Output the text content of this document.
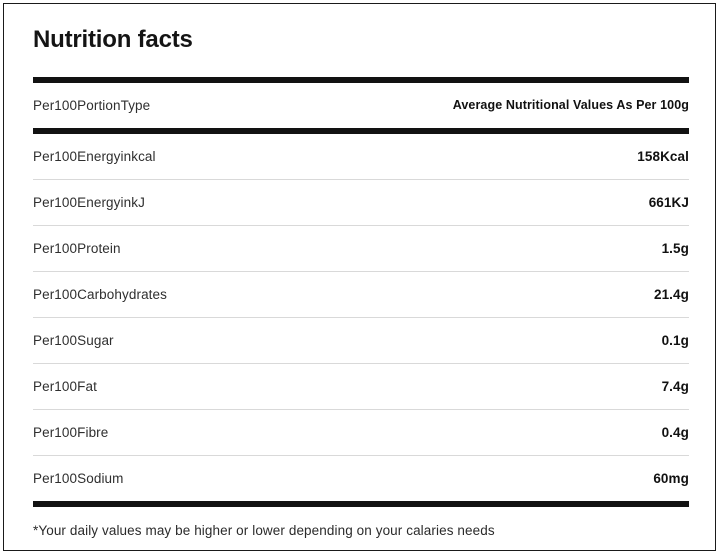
Nutrition facts
Per100PortionType	Average Nutritional Values As Per 100g
Per100Energyinkcal	158Kcal
Per100EnergyinkJ	661KJ
Per100Protein	1.5g
Per100Carbohydrates	21.4g
Per100Sugar	0.1g
Per100Fat	7.4g
Per100Fibre	0.4g
Per100Sodium	60mg
*Your daily values may be higher or lower depending on your calaries needs
